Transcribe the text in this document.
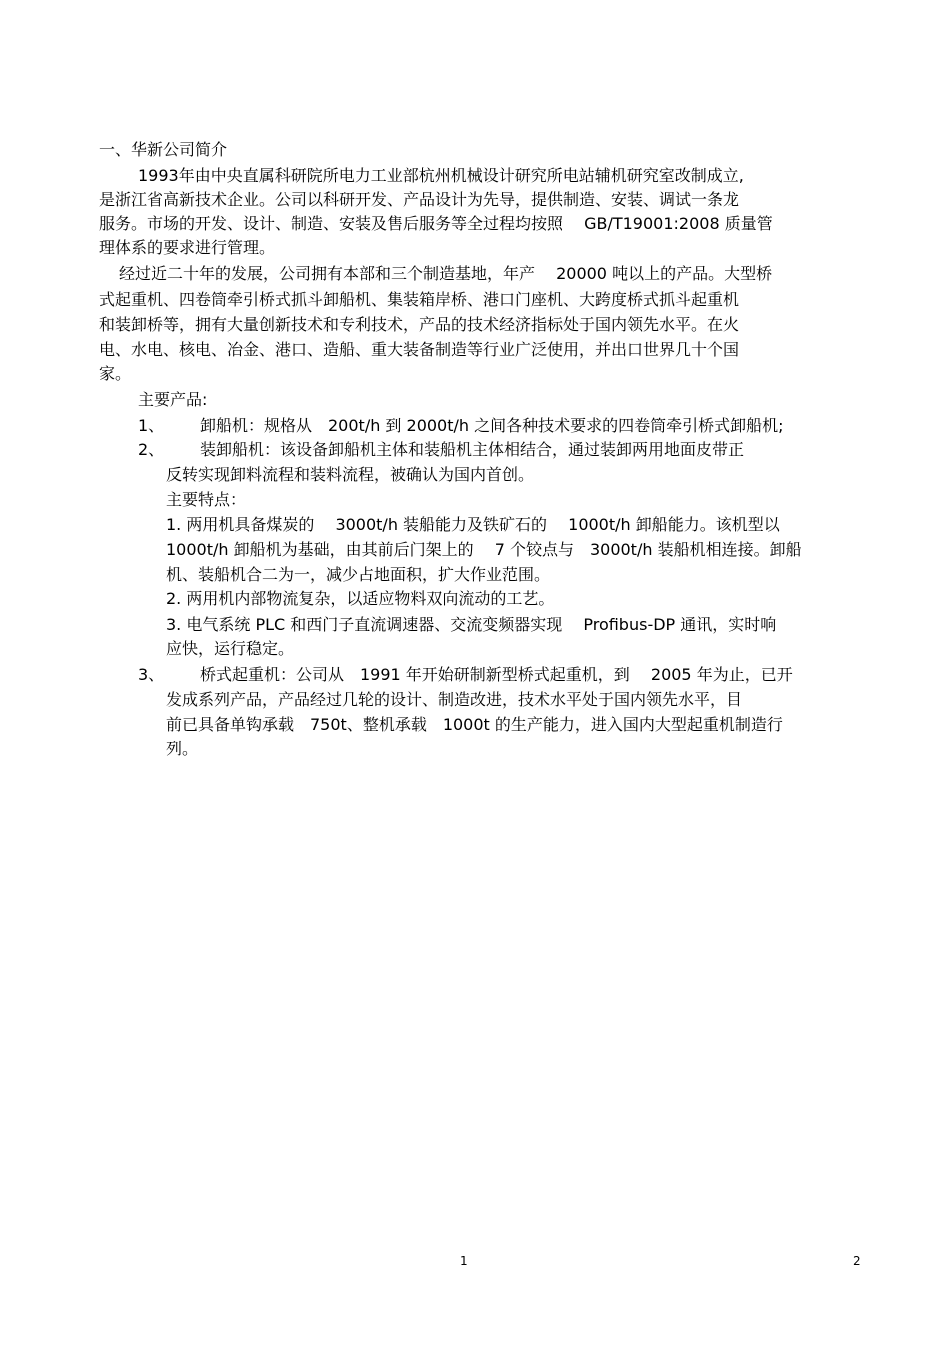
一、华新公司简介
1993年由中央直属科研院所电力工业部杭州机械设计研究所电站辅机研究室改制成立,
是浙江省高新技术企业。公司以科研开发、产品设计为先导，提供制造、安装、调试一条龙
服务。市场的开发、设计、制造、安装及售后服务等全过程均按照　 GB/T19001:2008 质量管
理体系的要求进行管理。
经过近二十年的发展，公司拥有本部和三个制造基地，年产　 20000 吨以上的产品。大型桥
式起重机、四卷筒牵引桥式抓斗卸船机、集装箱岸桥、港口门座机、大跨度桥式抓斗起重机
和装卸桥等，拥有大量创新技术和专利技术，产品的技术经济指标处于国内领先水平。在火
电、水电、核电、冶金、港口、造船、重大装备制造等行业广泛使用，并出口世界几十个国
家。
主要产品:
1、 卸船机：规格从　200t/h 到 2000t/h 之间各种技术要求的四卷筒牵引桥式卸船机;
2、 装卸船机：该设备卸船机主体和装船机主体相结合，通过装卸两用地面皮带正
反转实现卸料流程和装料流程，被确认为国内首创。
主要特点：
1. 两用机具备煤炭的　 3000t/h 装船能力及铁矿石的　 1000t/h 卸船能力。该机型以
1000t/h 卸船机为基础，由其前后门架上的　 7 个铰点与　3000t/h 装船机相连接。卸船
机、装船机合二为一，减少占地面积，扩大作业范围。
2. 两用机内部物流复杂，以适应物料双向流动的工艺。
3. 电气系统 PLC 和西门子直流调速器、交流变频器实现　 Profibus-DP 通讯，实时响
应快，运行稳定。
3、 桥式起重机：公司从　1991 年开始研制新型桥式起重机，到　 2005 年为止，已开
发成系列产品，产品经过几轮的设计、制造改进，技术水平处于国内领先水平，目
前已具备单钩承载　750t、整机承载　1000t 的生产能力，进入国内大型起重机制造行
列。
1	2
